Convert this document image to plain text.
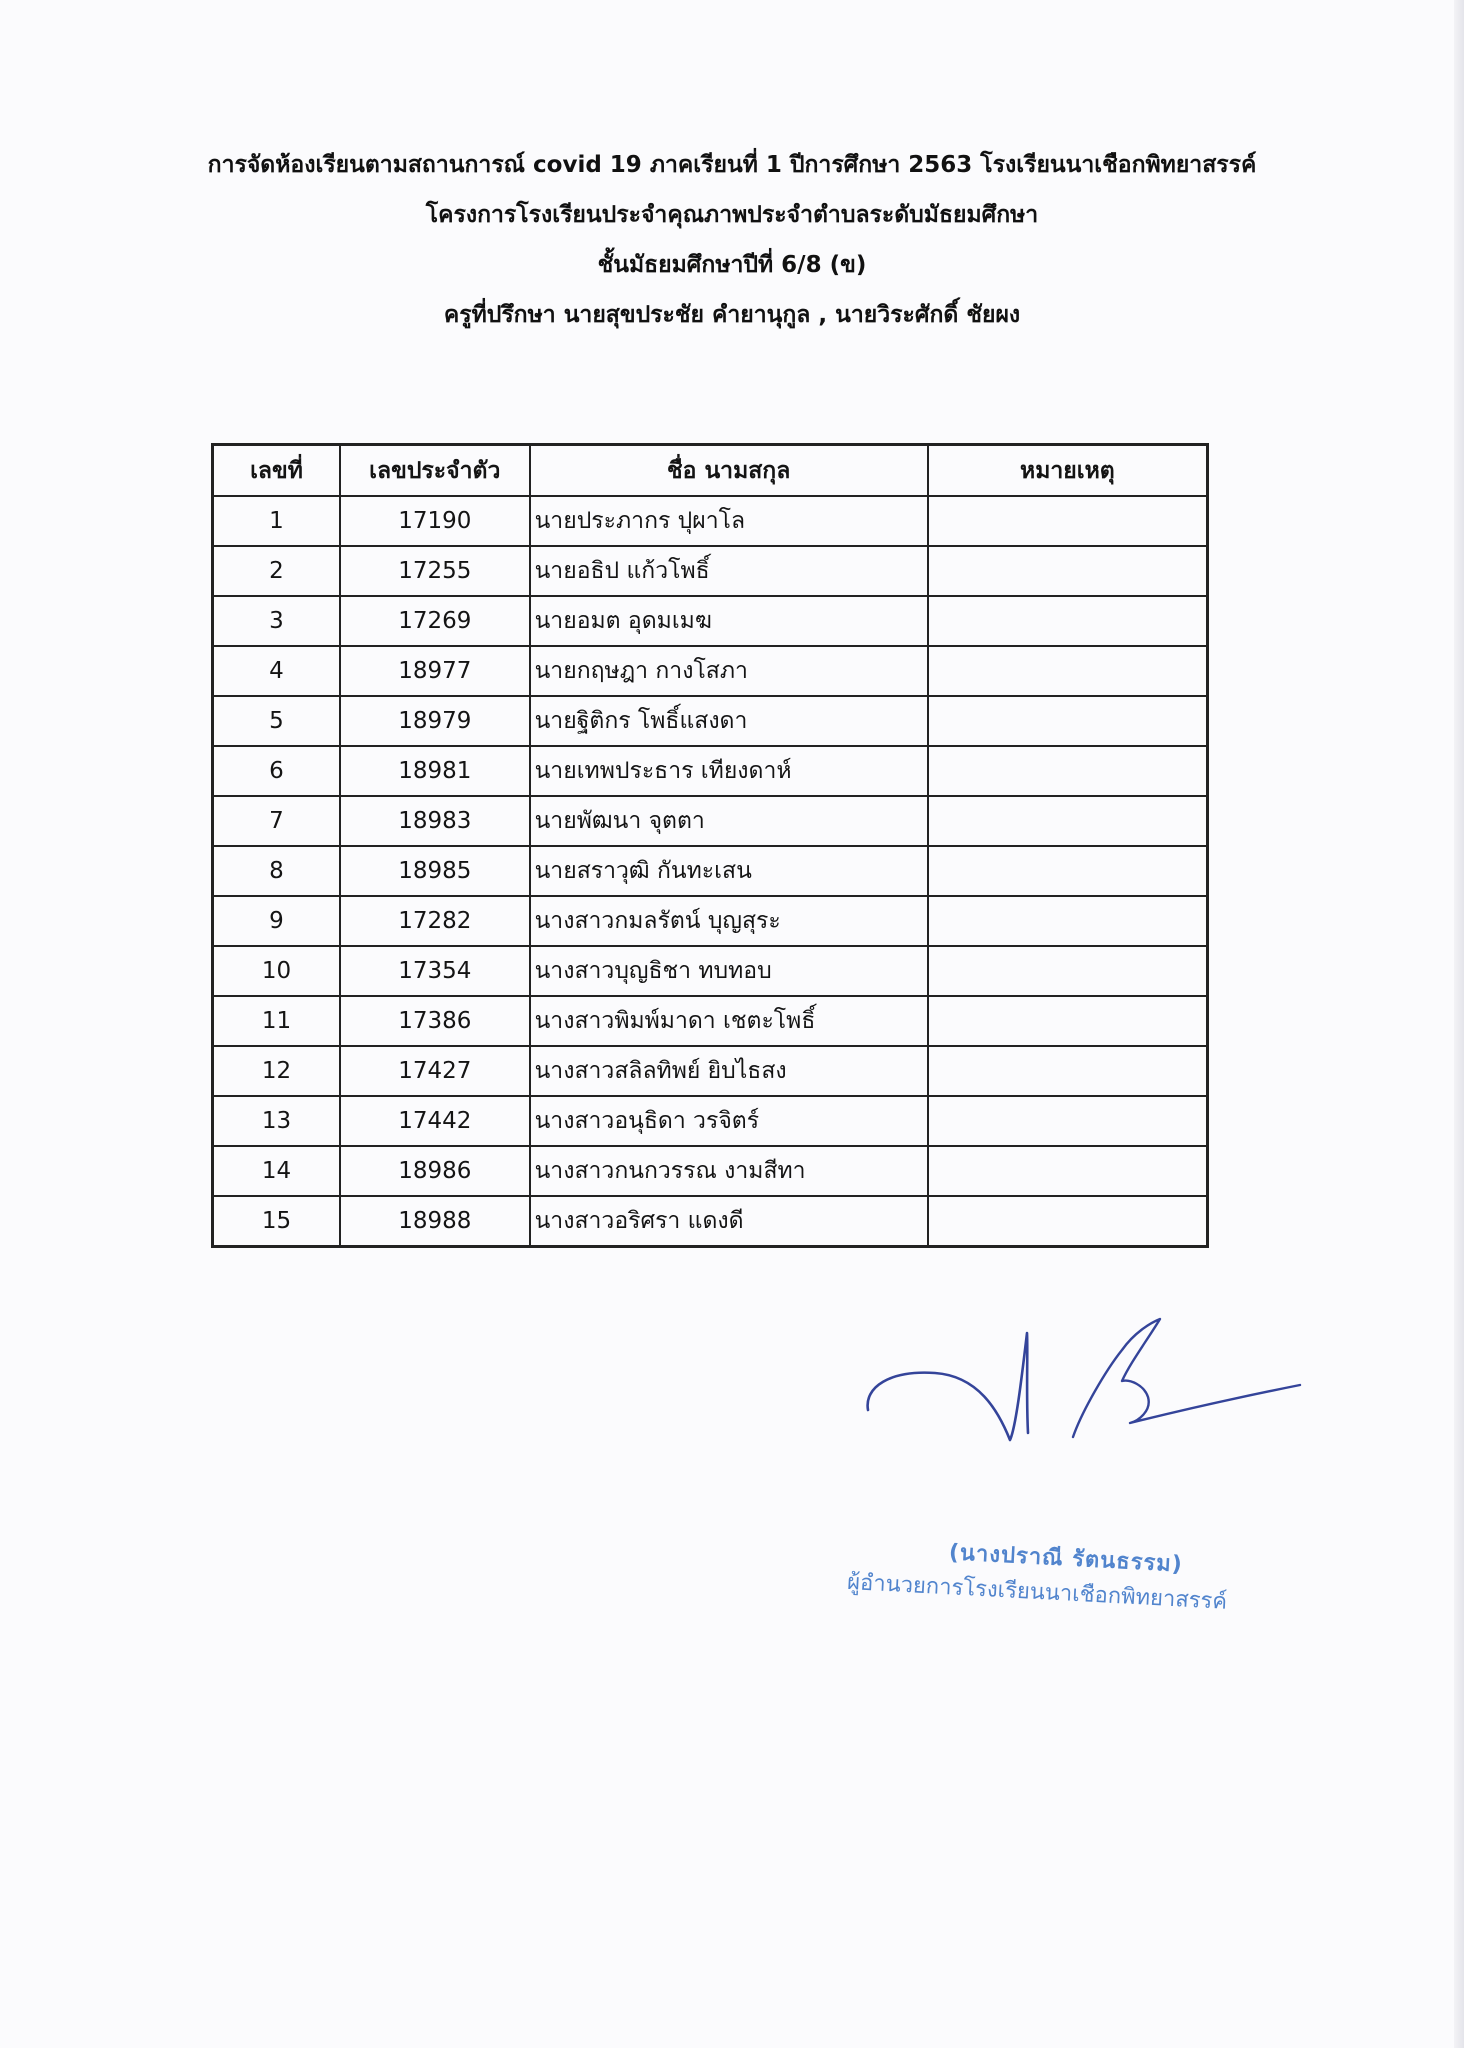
การจัดห้องเรียนตามสถานการณ์ covid 19 ภาคเรียนที่ 1 ปีการศึกษา 2563 โรงเรียนนาเชือกพิทยาสรรค์
โครงการโรงเรียนประจำคุณภาพประจำตำบลระดับมัธยมศึกษา
ชั้นมัธยมศึกษาปีที่ 6/8 (ข)
ครูที่ปรึกษา นายสุขประชัย คำยานุกูล , นายวิระศักดิ์ ชัยผง
เลขที่	เลขประจำตัว	ชื่อ นามสกุล	หมายเหตุ
1	17190	นายประภากร ปุผาโล	
2	17255	นายอธิป แก้วโพธิ์	
3	17269	นายอมต อุดมเมฆ	
4	18977	นายกฤษฎา กางโสภา	
5	18979	นายฐิติกร โพธิ์แสงดา	
6	18981	นายเทพประธาร เทียงดาห์	
7	18983	นายพัฒนา จุตตา	
8	18985	นายสราวุฒิ กันทะเสน	
9	17282	นางสาวกมลรัตน์ บุญสุระ	
10	17354	นางสาวบุญธิชา ทบทอบ	
11	17386	นางสาวพิมพ์มาดา เชตะโพธิ์	
12	17427	นางสาวสลิลทิพย์ ยิบไธสง	
13	17442	นางสาวอนุธิดา วรจิตร์	
14	18986	นางสาวกนกวรรณ งามสีทา	
15	18988	นางสาวอริศรา แดงดี	
(นางปราณี รัตนธรรม)
ผู้อำนวยการโรงเรียนนาเชือกพิทยาสรรค์
